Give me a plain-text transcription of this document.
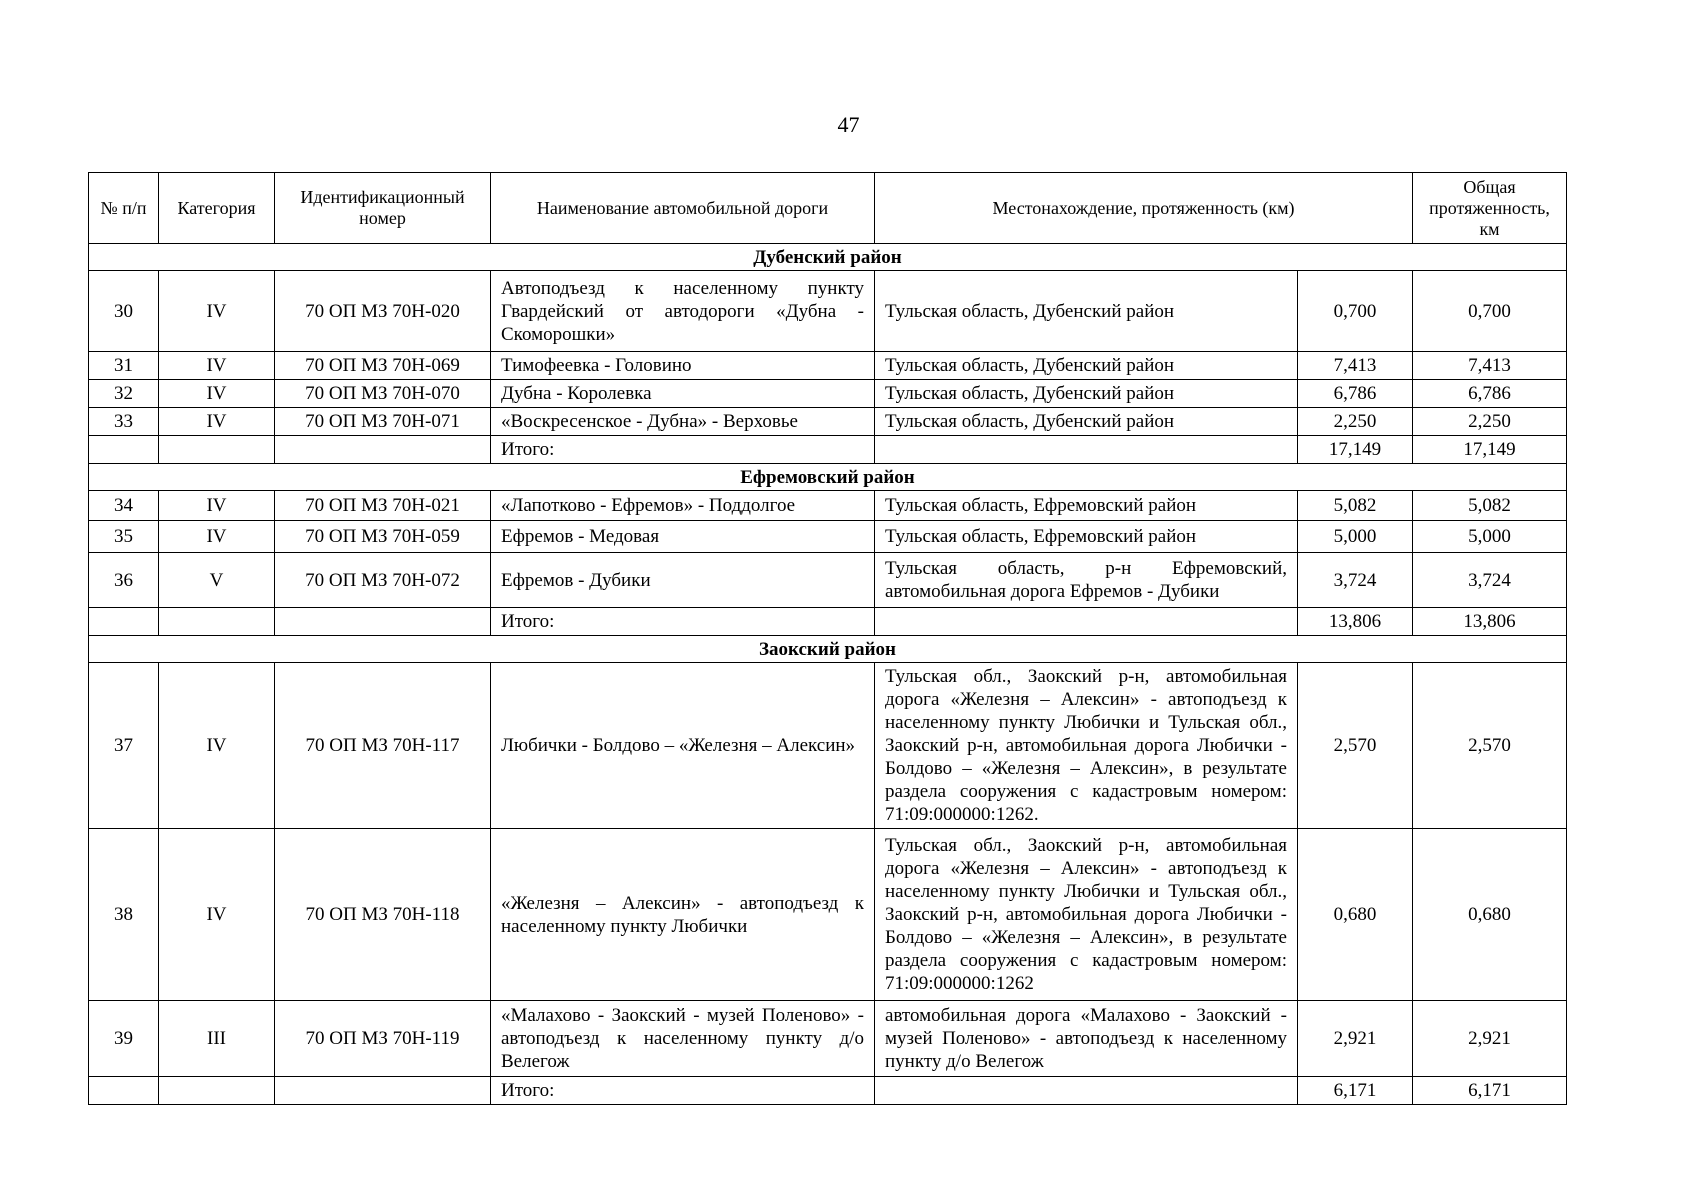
47
№ п/п	Категория	Идентификационный номер	Наименование автомобильной дороги	Местонахождение, протяженность (км)		Общая протяженность, км
Дубенский район						
30	IV	70 ОП МЗ 70Н-020	Автоподъезд к населенному пункту Гвардейский от автодороги «Дубна - Скоморошки»	Тульская область, Дубенский район	0,700	0,700
31	IV	70 ОП МЗ 70Н-069	Тимофеевка - Головино	Тульская область, Дубенский район	7,413	7,413
32	IV	70 ОП МЗ 70Н-070	Дубна - Королевка	Тульская область, Дубенский район	6,786	6,786
33	IV	70 ОП МЗ 70Н-071	«Воскресенское - Дубна» - Верховье	Тульская область, Дубенский район	2,250	2,250
			Итого:		17,149	17,149
Ефремовский район						
34	IV	70 ОП МЗ 70Н-021	«Лапотково - Ефремов» - Поддолгое	Тульская область, Ефремовский район	5,082	5,082
35	IV	70 ОП МЗ 70Н-059	Ефремов - Медовая	Тульская область, Ефремовский район	5,000	5,000
36	V	70 ОП МЗ 70Н-072	Ефремов - Дубики	Тульская область, р-н Ефремовский, автомобильная дорога Ефремов - Дубики	3,724	3,724
			Итого:		13,806	13,806
Заокский район						
37	IV	70 ОП МЗ 70Н-117	Любички - Болдово – «Железня – Алексин»	Тульская обл., Заокский р-н, автомобильная дорога «Железня – Алексин» - автоподъезд к населенному пункту Любички и Тульская обл., Заокский р-н, автомобильная дорога Любички - Болдово – «Железня – Алексин», в результате раздела сооружения с кадастровым номером: 71:09:000000:1262.	2,570	2,570
38	IV	70 ОП МЗ 70Н-118	«Железня – Алексин» - автоподъезд к населенному пункту Любички	Тульская обл., Заокский р-н, автомобильная дорога «Железня – Алексин» - автоподъезд к населенному пункту Любички и Тульская обл., Заокский р-н, автомобильная дорога Любички - Болдово – «Железня – Алексин», в результате раздела сооружения с кадастровым номером: 71:09:000000:1262	0,680	0,680
39	III	70 ОП МЗ 70Н-119	«Малахово - Заокский - музей Поленово» - автоподъезд к населенному пункту д/о Велегож	автомобильная дорога «Малахово - Заокский - музей Поленово» - автоподъезд к населенному пункту д/о Велегож	2,921	2,921
			Итого:		6,171	6,171
